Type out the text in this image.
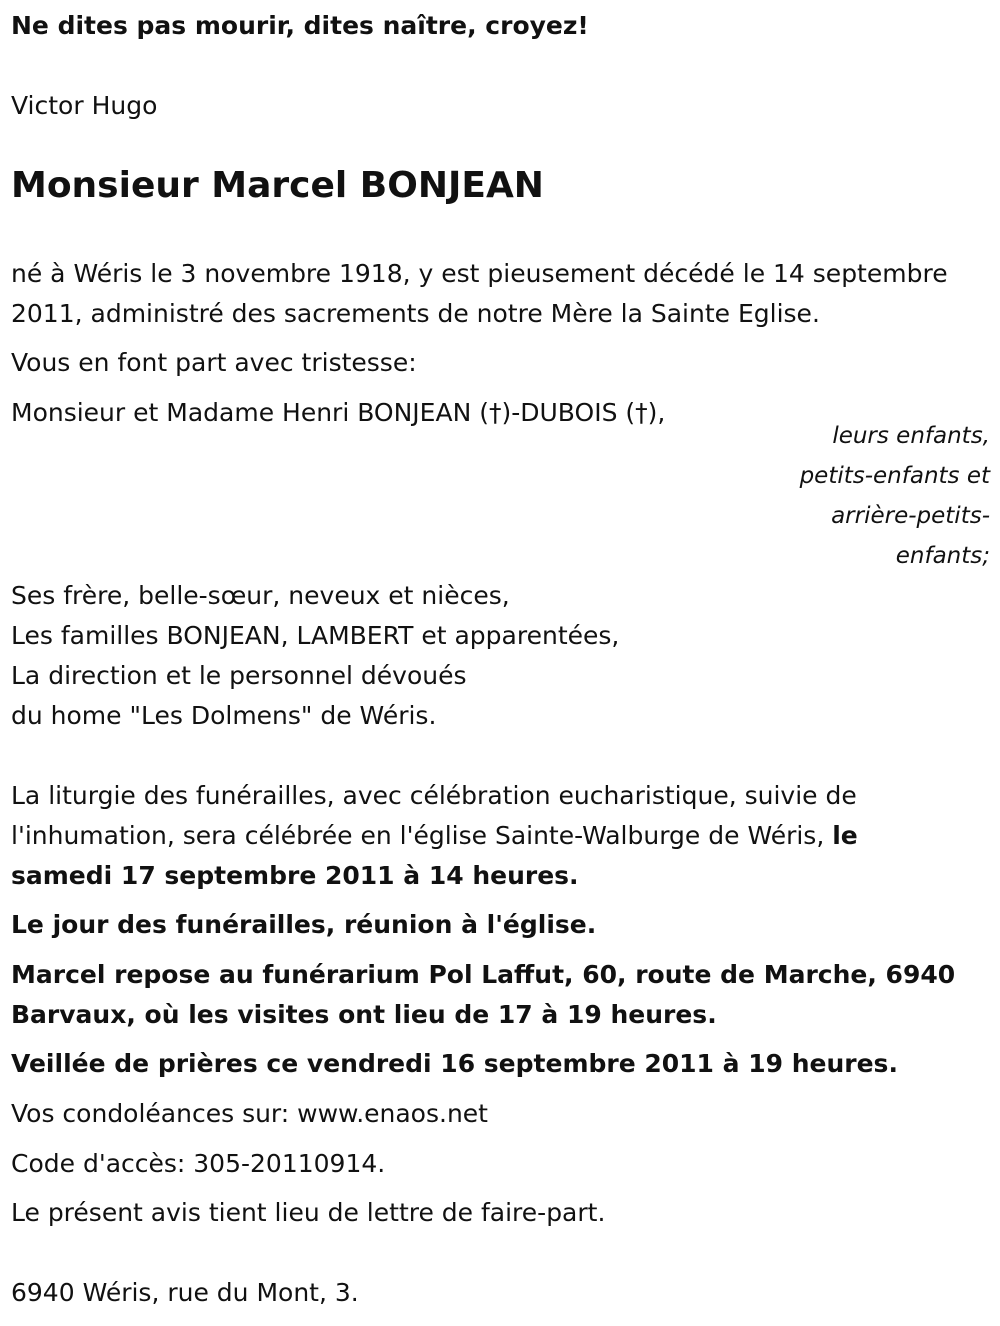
Ne dites pas mourir, dites naître, croyez!

Victor Hugo

Monsieur Marcel BONJEAN

né à Wéris le 3 novembre 1918, y est pieusement décédé le 14 septembre
2011, administré des sacrements de notre Mère la Sainte Eglise.

Vous en font part avec tristesse:

Monsieur et Madame Henri BONJEAN (†)-DUBOIS (†),

leurs enfants,
petits-enfants et
arrière-petits-
enfants;

Ses frère, belle-sœur, neveux et nièces,
Les familles BONJEAN, LAMBERT et apparentées,
La direction et le personnel dévoués
du home "Les Dolmens" de Wéris.

La liturgie des funérailles, avec célébration eucharistique, suivie de
l'inhumation, sera célébrée en l'église Sainte-Walburge de Wéris, le
samedi 17 septembre 2011 à 14 heures.

Le jour des funérailles, réunion à l'église.

Marcel repose au funérarium Pol Laffut, 60, route de Marche, 6940
Barvaux, où les visites ont lieu de 17 à 19 heures.

Veillée de prières ce vendredi 16 septembre 2011 à 19 heures.

Vos condoléances sur: www.enaos.net

Code d'accès: 305-20110914.

Le présent avis tient lieu de lettre de faire-part.

6940 Wéris, rue du Mont, 3.
